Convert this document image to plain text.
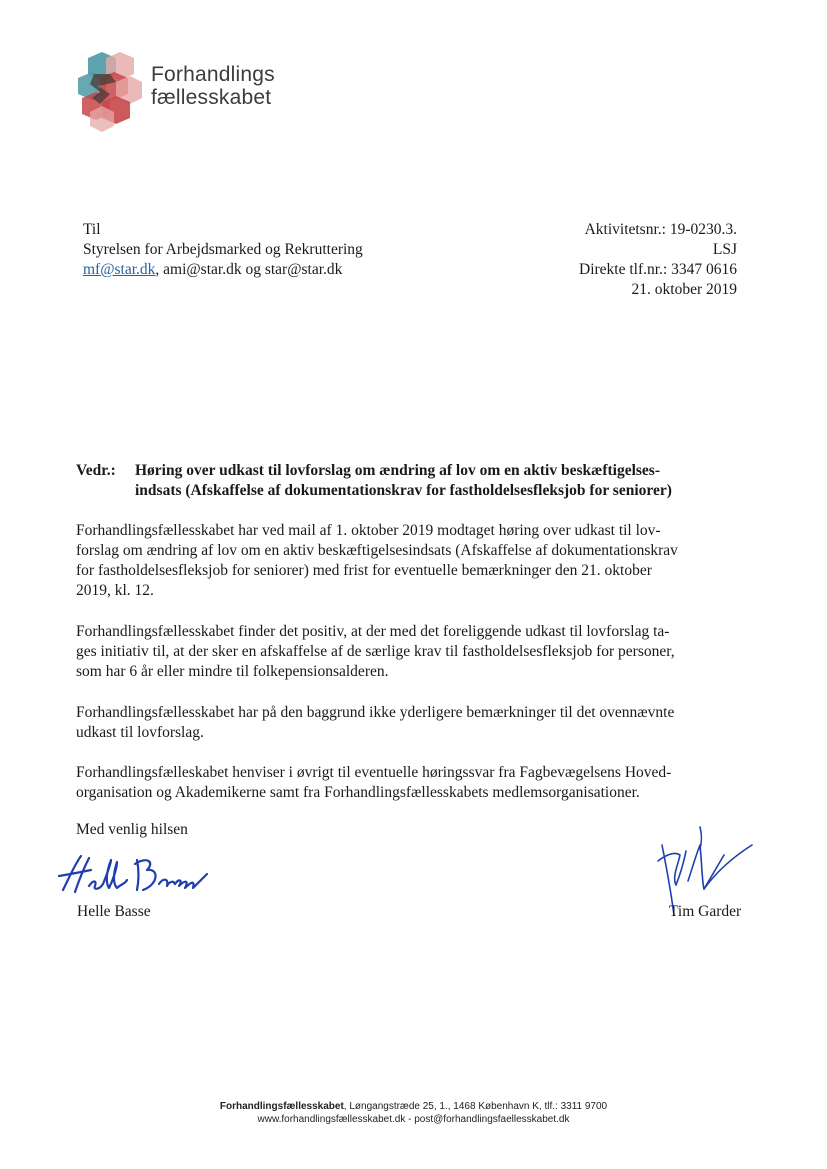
Forhandlings
fællesskabet
Til
Styrelsen for Arbejdsmarked og Rekruttering
mf@star.dk, ami@star.dk og star@star.dk
Aktivitetsnr.: 19-0230.3.
LSJ
Direkte tlf.nr.: 3347 0616
21. oktober 2019
Vedr.: Høring over udkast til lovforslag om ændring af lov om en aktiv beskæftigelses-
indsats (Afskaffelse af dokumentationskrav for fastholdelsesfleksjob for seniorer)
Forhandlingsfællesskabet har ved mail af 1. oktober 2019 modtaget høring over udkast til lov-
forslag om ændring af lov om en aktiv beskæftigelsesindsats (Afskaffelse af dokumentationskrav
for fastholdelsesfleksjob for seniorer) med frist for eventuelle bemærkninger den 21. oktober
2019, kl. 12.
Forhandlingsfællesskabet finder det positiv, at der med det foreliggende udkast til lovforslag ta-
ges initiativ til, at der sker en afskaffelse af de særlige krav til fastholdelsesfleksjob for personer,
som har 6 år eller mindre til folkepensionsalderen.
Forhandlingsfællesskabet har på den baggrund ikke yderligere bemærkninger til det ovennævnte
udkast til lovforslag.
Forhandlingsfælleskabet henviser i øvrigt til eventuelle høringssvar fra Fagbevægelsens Hoved-
organisation og Akademikerne samt fra Forhandlingsfællesskabets medlemsorganisationer.
Med venlig hilsen
Helle Basse	Tim Garder
Forhandlingsfællesskabet, Løngangstræde 25, 1., 1468 København K, tlf.: 3311 9700
www.forhandlingsfællesskabet.dk - post@forhandlingsfaellesskabet.dk
